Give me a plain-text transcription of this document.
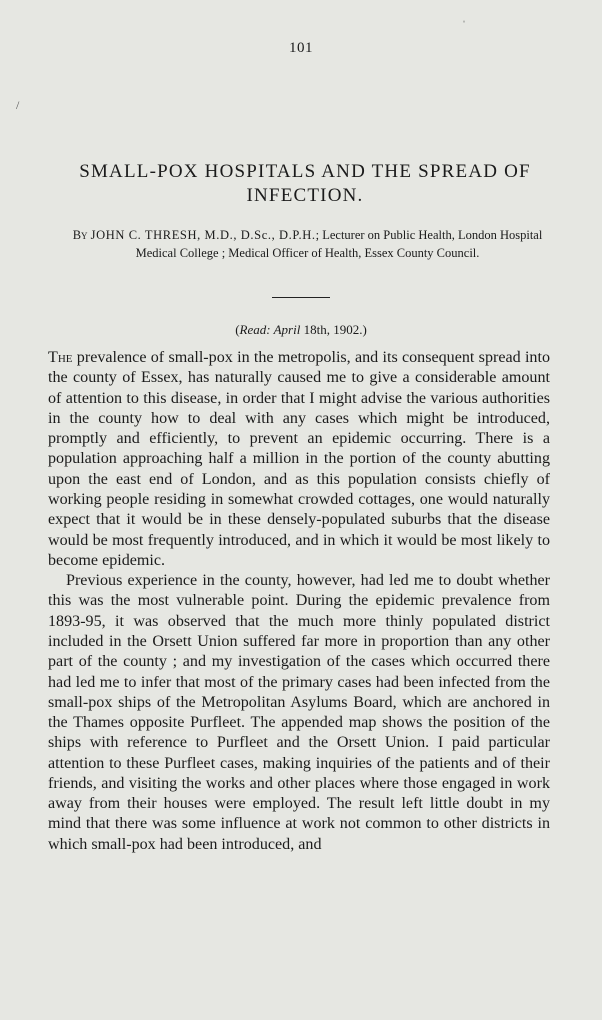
101
ˈ
/
SMALL-POX HOSPITALS AND THE SPREAD OF INFECTION.
By JOHN C. THRESH, M.D., D.Sc., D.P.H.; Lecturer on Public Health, London Hospital Medical College ; Medical Officer of Health, Essex County Council.
(Read: April 18th, 1902.)

The prevalence of small-pox in the metropolis, and its consequent spread into the county of Essex, has naturally caused me to give a considerable amount of attention to this disease, in order that I might advise the various authorities in the county how to deal with any cases which might be introduced, promptly and efficiently, to prevent an epidemic occurring. There is a population approaching half a million in the portion of the county abutting upon the east end of London, and as this population consists chiefly of working people residing in somewhat crowded cottages, one would naturally expect that it would be in these densely-populated suburbs that the disease would be most frequently introduced, and in which it would be most likely to become epidemic.

Previous experience in the county, however, had led me to doubt whether this was the most vulnerable point. During the epidemic prevalence from 1893-95, it was observed that the much more thinly populated district included in the Orsett Union suffered far more in proportion than any other part of the county ; and my investigation of the cases which occurred there had led me to infer that most of the primary cases had been infected from the small-pox ships of the Metropolitan Asylums Board, which are anchored in the Thames opposite Purfleet. The appended map shows the position of the ships with reference to Purfleet and the Orsett Union. I paid particular attention to these Purfleet cases, making inquiries of the patients and of their friends, and visiting the works and other places where those engaged in work away from their houses were employed. The result left little doubt in my mind that there was some influence at work not common to other districts in which small-pox had been introduced, and
